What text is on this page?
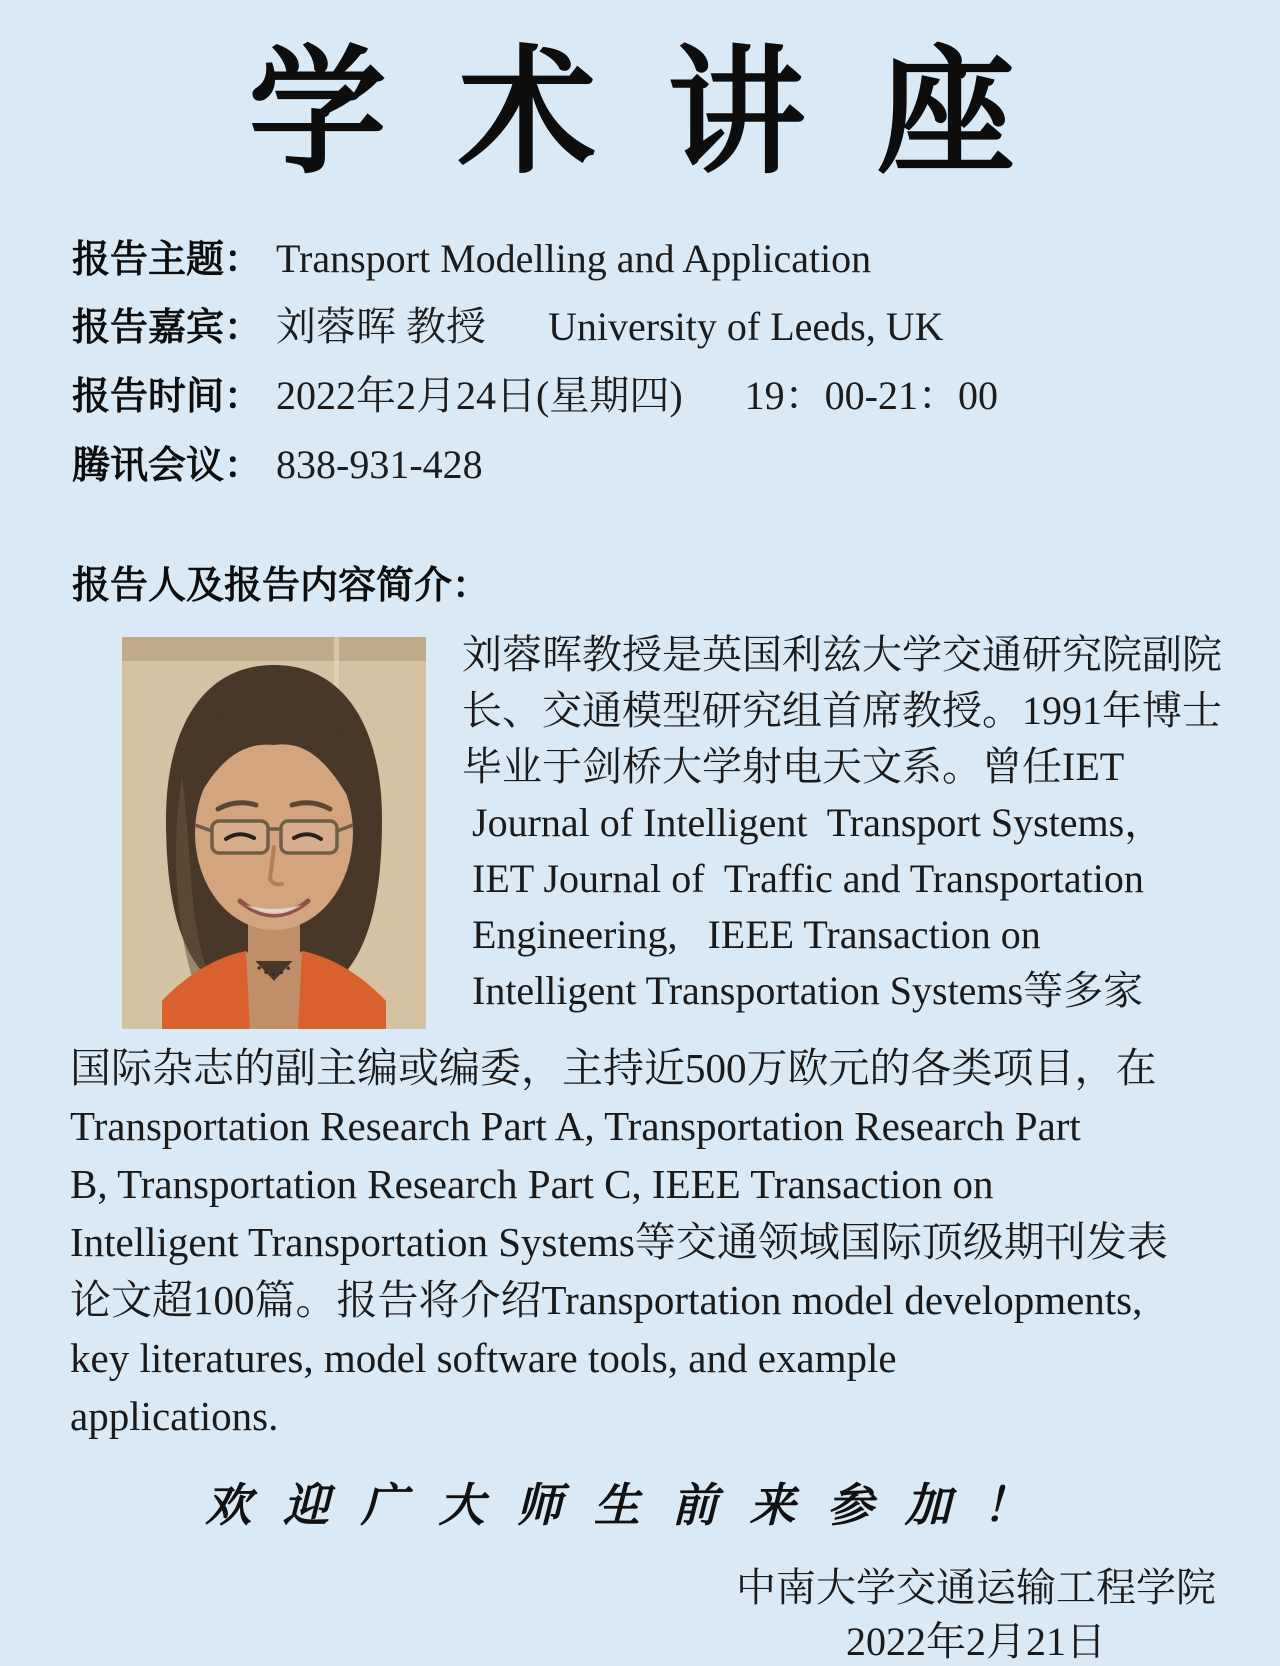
学 术 讲 座
报告主题： Transport Modelling and Application
报告嘉宾： 刘蓉晖 教授 University of Leeds, UK
报告时间： 2022年2月24日(星期四) 19：00-21：00
腾讯会议： 838-931-428
报告人及报告内容简介：
刘蓉晖教授是英国利兹大学交通研究院副院
长、交通模型研究组首席教授。1991年博士
毕业于剑桥大学射电天文系。曾任IET
Journal of Intelligent  Transport Systems，
IET Journal of  Traffic and Transportation
Engineering,   IEEE Transaction on
Intelligent Transportation Systems等多家
国际杂志的副主编或编委，主持近500万欧元的各类项目，在
Transportation Research Part A, Transportation Research Part
B, Transportation Research Part C, IEEE Transaction on
Intelligent Transportation Systems等交通领域国际顶级期刊发表
论文超100篇。报告将介绍Transportation model developments,
key literatures, model software tools, and example
applications.
欢 迎 广 大 师 生 前 来 参 加 ！
中南大学交通运输工程学院
2022年2月21日
